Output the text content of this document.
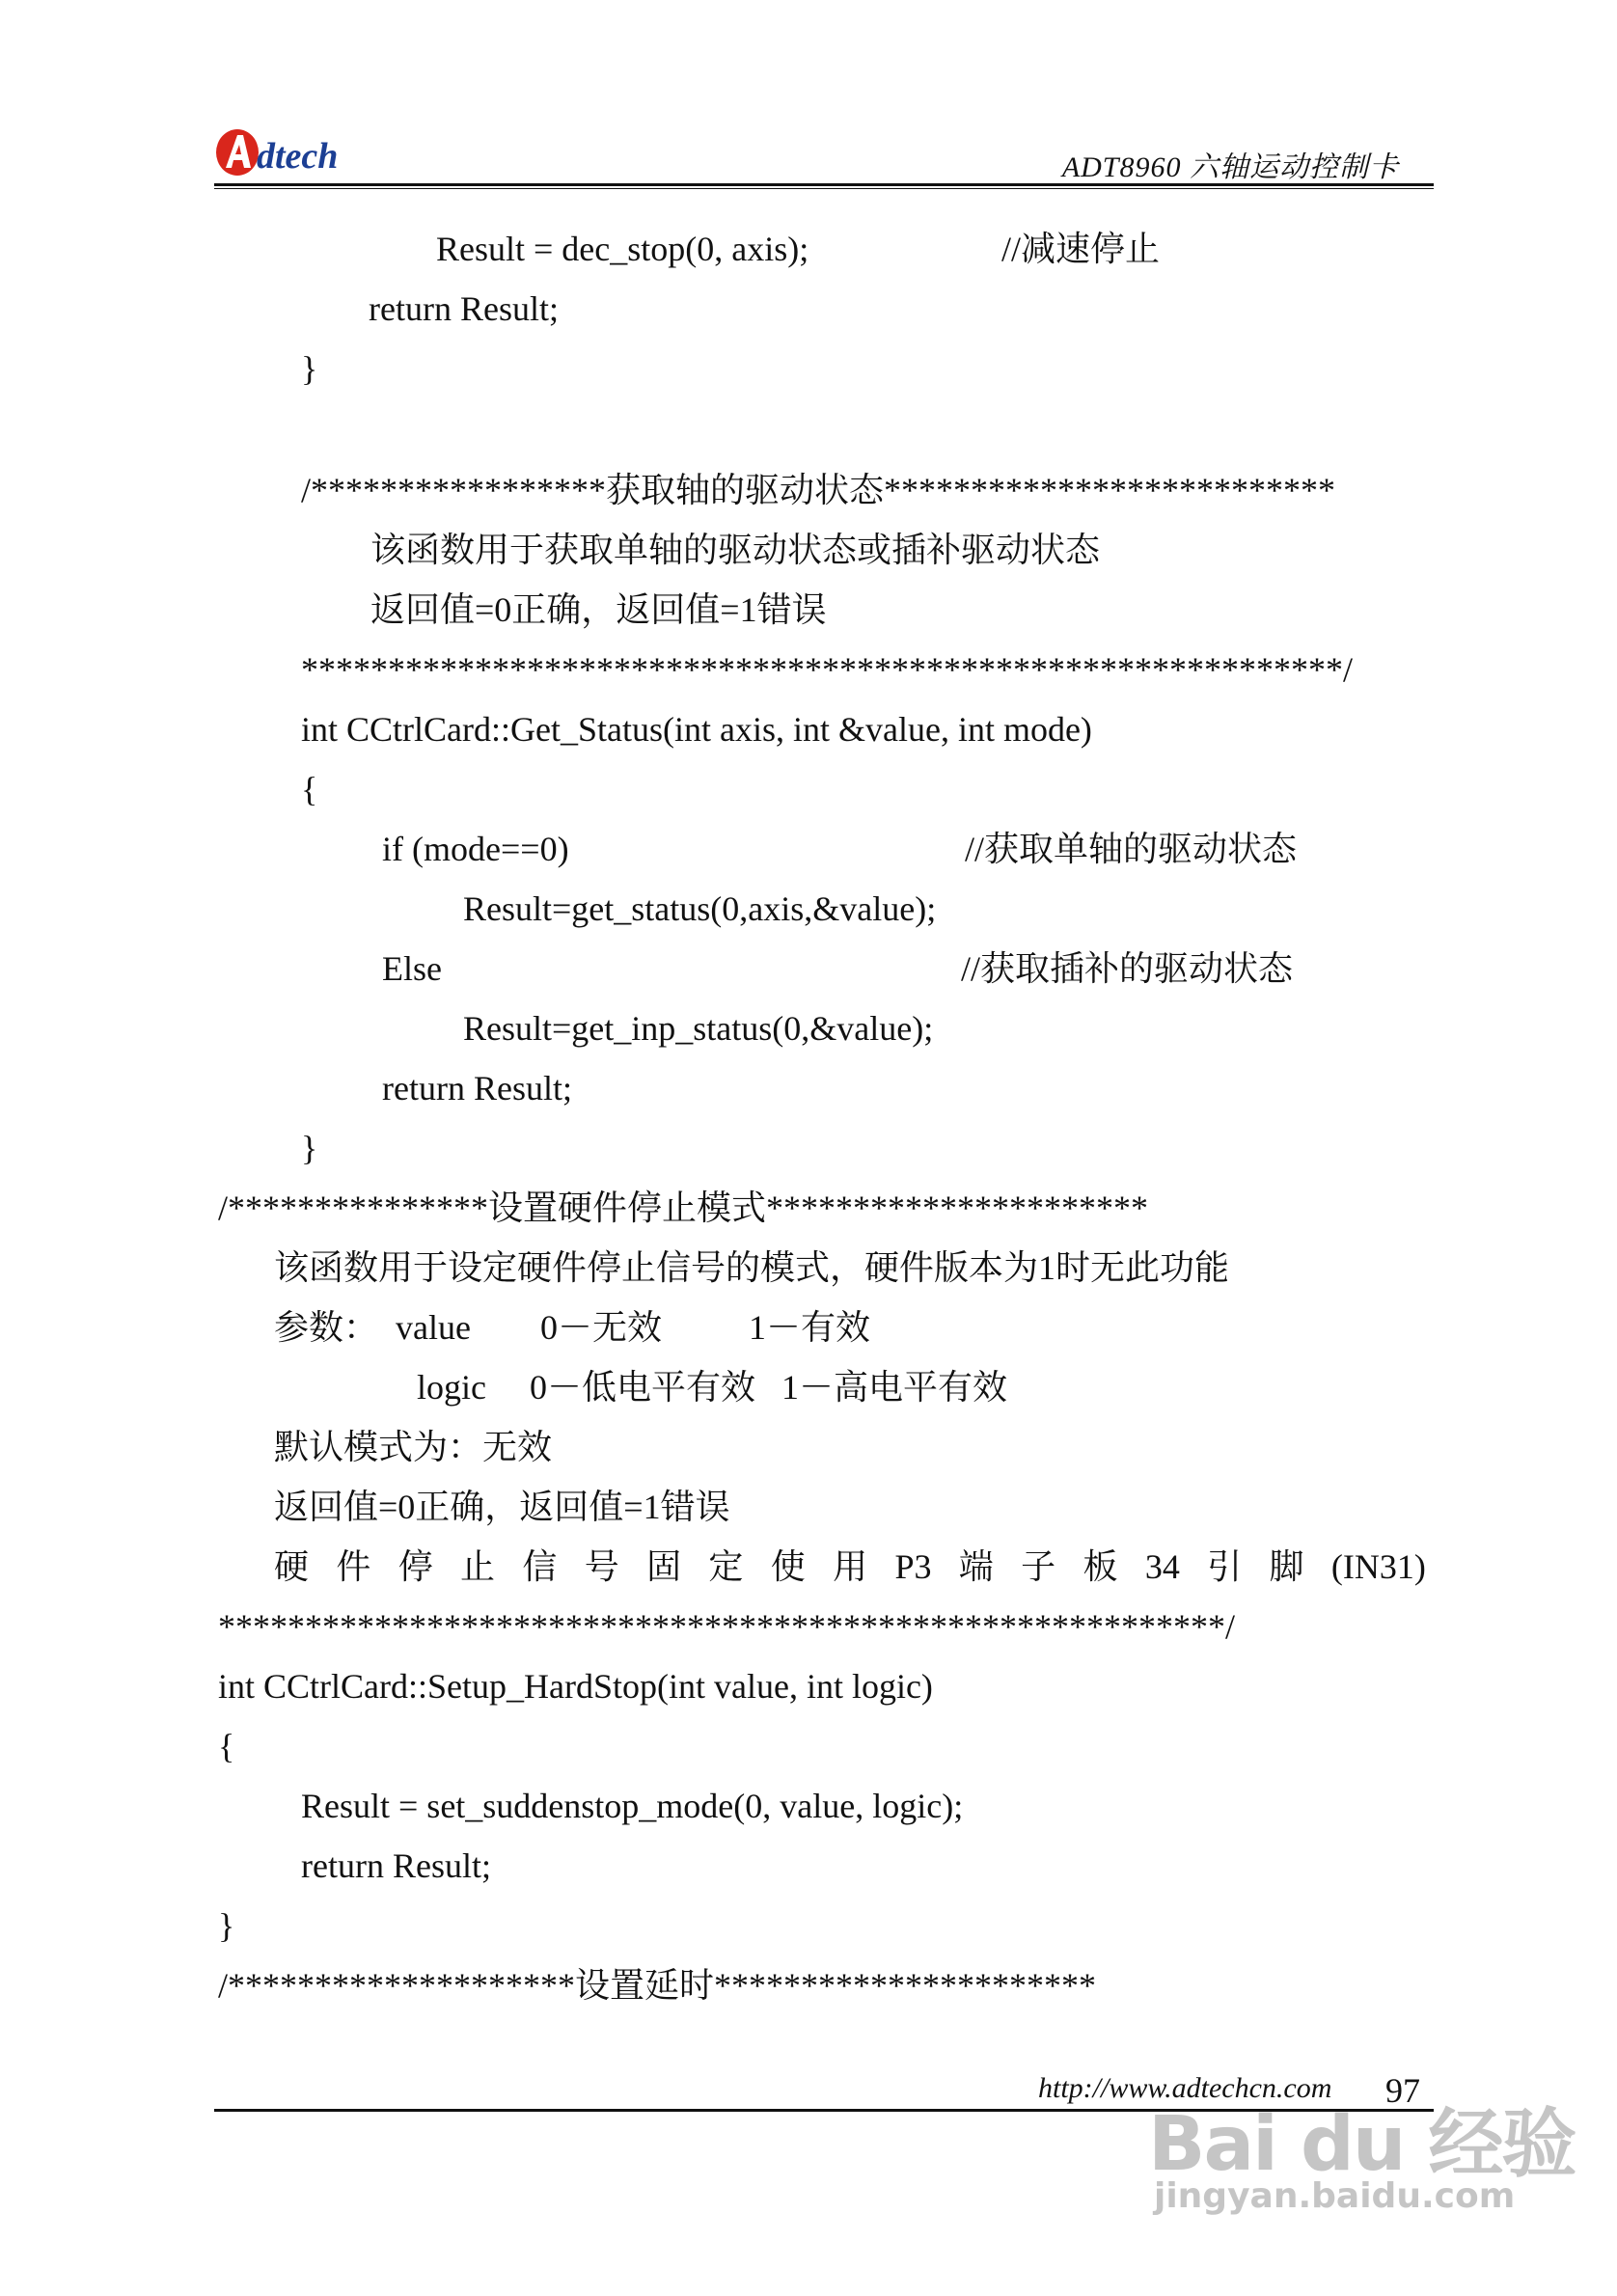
dtech	ADT8960 六轴运动控制卡
Result = dec_stop(0, axis);	//减速停止
return Result;
}
/*****************获取轴的驱动状态**************************
该函数用于获取单轴的驱动状态或插补驱动状态
返回值=0正确，返回值=1错误
************************************************************/
int CCtrlCard::Get_Status(int axis, int &value, int mode)
{
if (mode==0)	//获取单轴的驱动状态
Result=get_status(0,axis,&value);
Else	//获取插补的驱动状态
Result=get_inp_status(0,&value);
return Result;
}
/***************设置硬件停止模式**********************
该函数用于设定硬件停止信号的模式，硬件版本为1时无此功能
参数：  value        0－无效          1－有效
logic     0－低电平有效   1－高电平有效
默认模式为：无效
返回值=0正确，返回值=1错误
硬 件 停 止 信 号 固 定 使 用 P3 端 子 板 34 引 脚 (IN31)
**********************************************************/
int CCtrlCard::Setup_HardStop(int value, int logic)
{
Result = set_suddenstop_mode(0, value, logic);
return Result;
}
/********************设置延时**********************
http://www.adtechcn.com 97
Bai du 经验
jingyan.baidu.com
